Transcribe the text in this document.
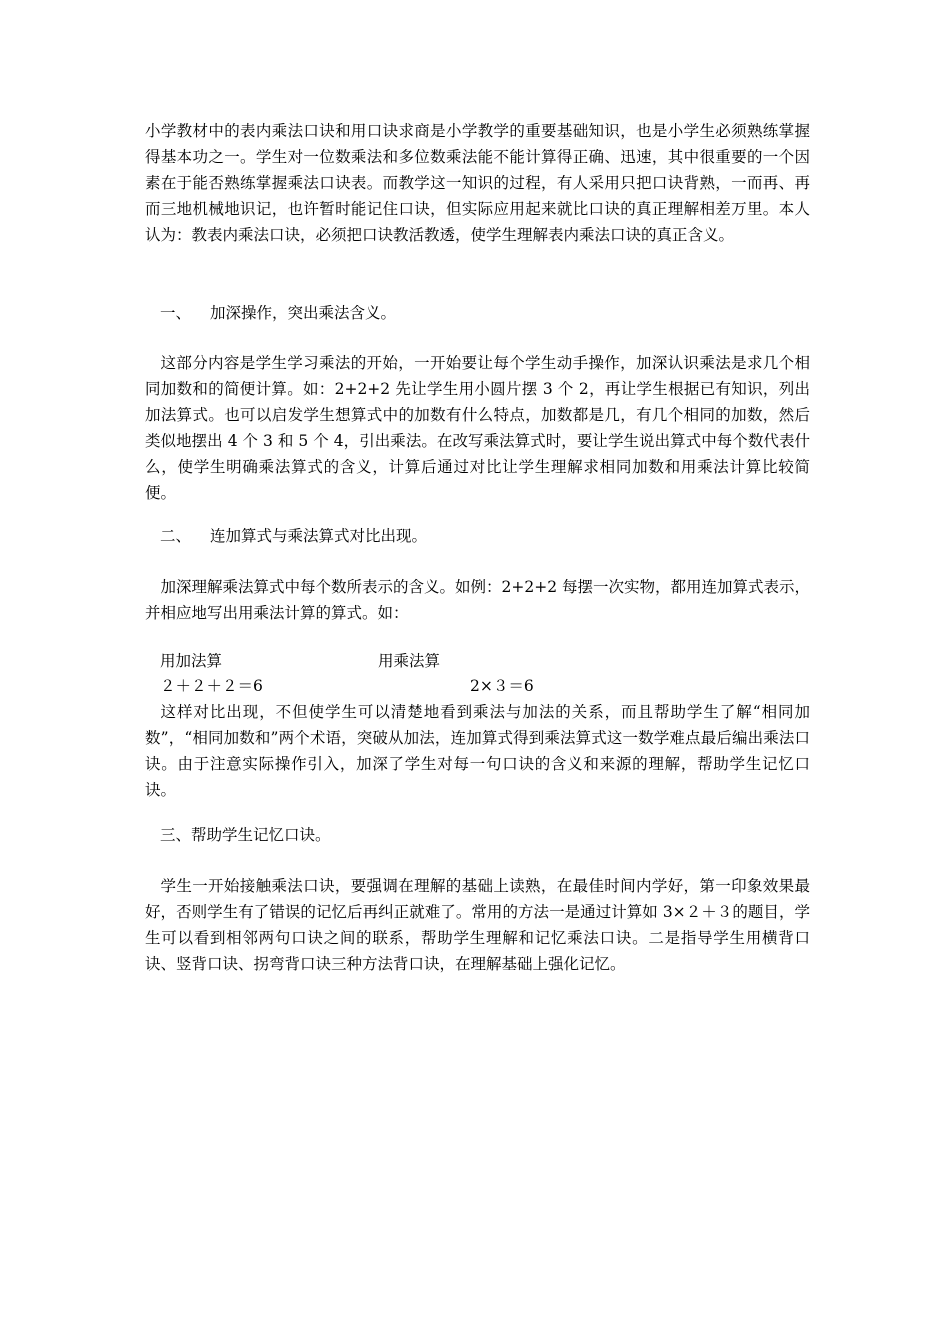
小学教材中的表内乘法口诀和用口诀求商是小学教学的重要基础知识，也是小学生必须熟练掌握得基本功之一。学生对一位数乘法和多位数乘法能不能计算得正确、迅速，其中很重要的一个因素在于能否熟练掌握乘法口诀表。而教学这一知识的过程，有人采用只把口诀背熟，一而再、再而三地机械地识记，也许暂时能记住口诀，但实际应用起来就比口诀的真正理解相差万里。本人认为：教表内乘法口诀，必须把口诀教活教透，使学生理解表内乘法口诀的真正含义。

一、 加深操作，突出乘法含义。

这部分内容是学生学习乘法的开始，一开始要让每个学生动手操作，加深认识乘法是求几个相同加数和的简便计算。如：2+2+2 先让学生用小圆片摆 3 个 2，再让学生根据已有知识，列出加法算式。也可以启发学生想算式中的加数有什么特点，加数都是几，有几个相同的加数，然后类似地摆出 4 个 3 和 5 个 4，引出乘法。在改写乘法算式时，要让学生说出算式中每个数代表什么，使学生明确乘法算式的含义，计算后通过对比让学生理解求相同加数和用乘法计算比较简便。

二、 连加算式与乘法算式对比出现。

加深理解乘法算式中每个数所表示的含义。如例：2+2+2 每摆一次实物，都用连加算式表示，并相应地写出用乘法计算的算式。如：

用加法算	用乘法算
２＋２＋２＝6	2×３＝6

这样对比出现，不但使学生可以清楚地看到乘法与加法的关系，而且帮助学生了解“相同加数”，“相同加数和”两个术语，突破从加法，连加算式得到乘法算式这一数学难点最后编出乘法口诀。由于注意实际操作引入，加深了学生对每一句口诀的含义和来源的理解，帮助学生记忆口诀。

三、帮助学生记忆口诀。

学生一开始接触乘法口诀，要强调在理解的基础上读熟，在最佳时间内学好，第一印象效果最好，否则学生有了错误的记忆后再纠正就难了。常用的方法一是通过计算如 3×２＋３的题目，学生可以看到相邻两句口诀之间的联系，帮助学生理解和记忆乘法口诀。二是指导学生用横背口诀、竖背口诀、拐弯背口诀三种方法背口诀，在理解基础上强化记忆。
